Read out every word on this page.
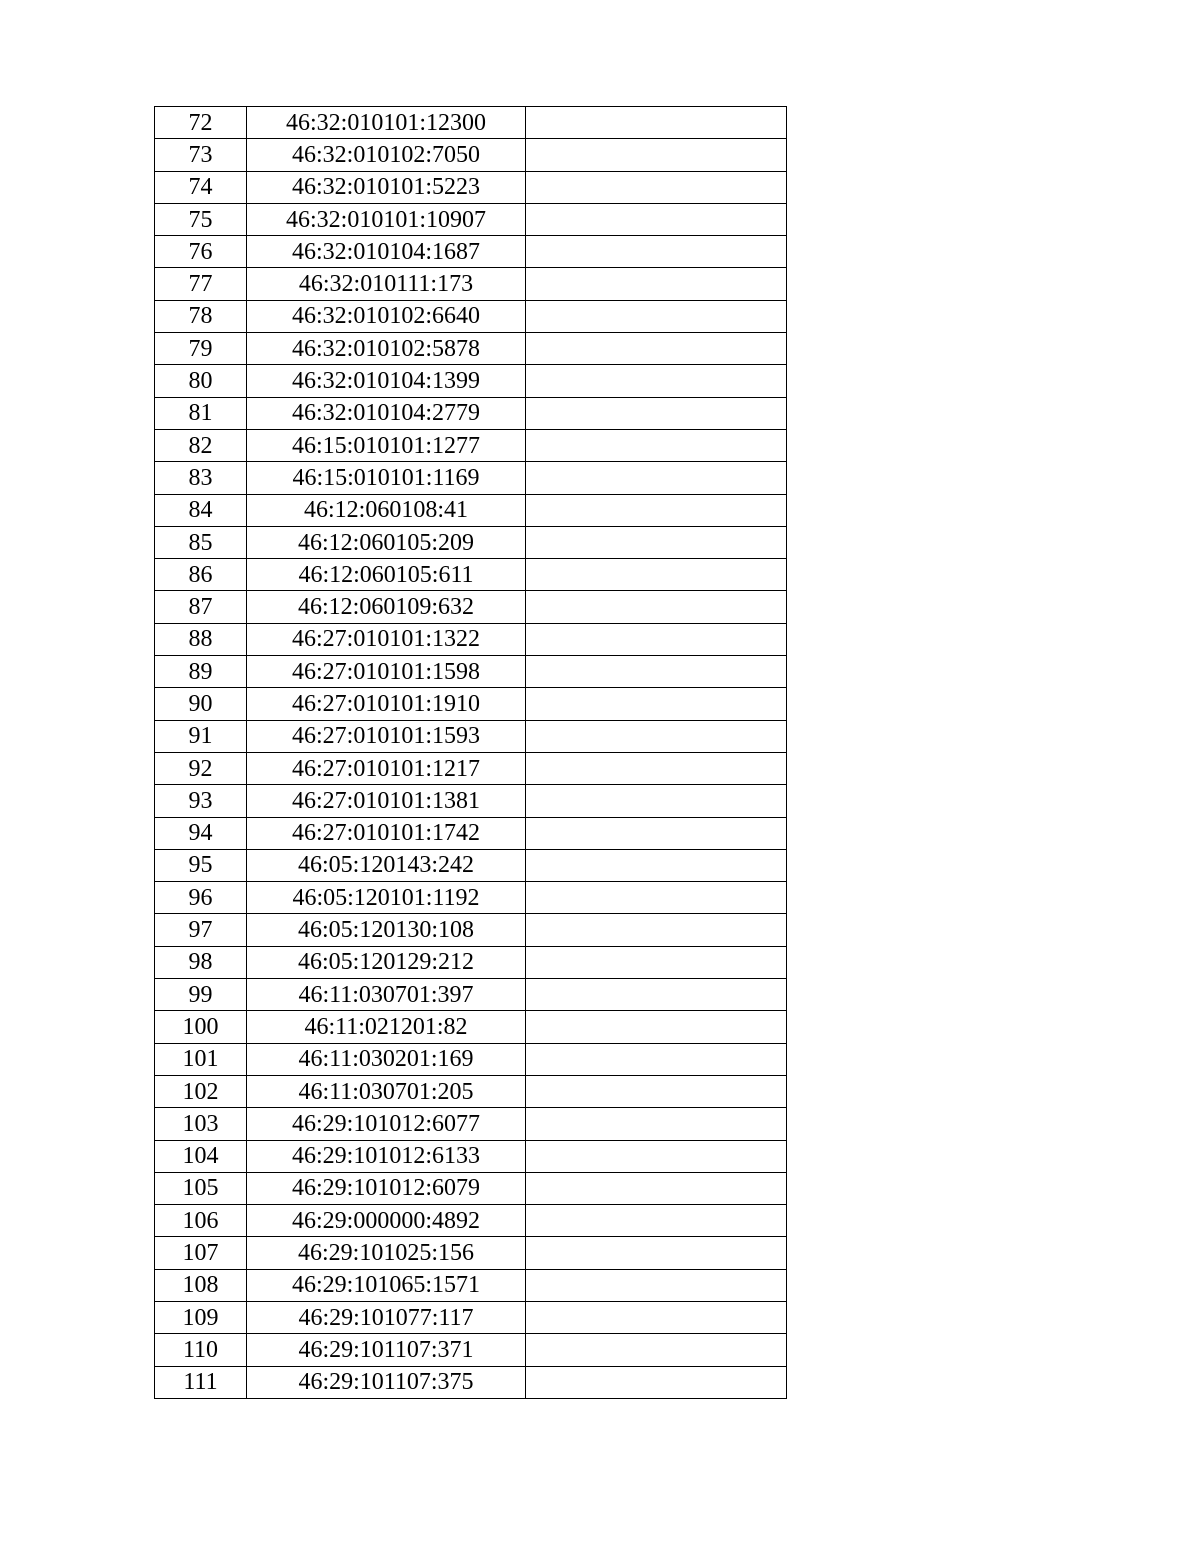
72	46:32:010101:12300	
73	46:32:010102:7050	
74	46:32:010101:5223	
75	46:32:010101:10907	
76	46:32:010104:1687	
77	46:32:010111:173	
78	46:32:010102:6640	
79	46:32:010102:5878	
80	46:32:010104:1399	
81	46:32:010104:2779	
82	46:15:010101:1277	
83	46:15:010101:1169	
84	46:12:060108:41	
85	46:12:060105:209	
86	46:12:060105:611	
87	46:12:060109:632	
88	46:27:010101:1322	
89	46:27:010101:1598	
90	46:27:010101:1910	
91	46:27:010101:1593	
92	46:27:010101:1217	
93	46:27:010101:1381	
94	46:27:010101:1742	
95	46:05:120143:242	
96	46:05:120101:1192	
97	46:05:120130:108	
98	46:05:120129:212	
99	46:11:030701:397	
100	46:11:021201:82	
101	46:11:030201:169	
102	46:11:030701:205	
103	46:29:101012:6077	
104	46:29:101012:6133	
105	46:29:101012:6079	
106	46:29:000000:4892	
107	46:29:101025:156	
108	46:29:101065:1571	
109	46:29:101077:117	
110	46:29:101107:371	
111	46:29:101107:375	
